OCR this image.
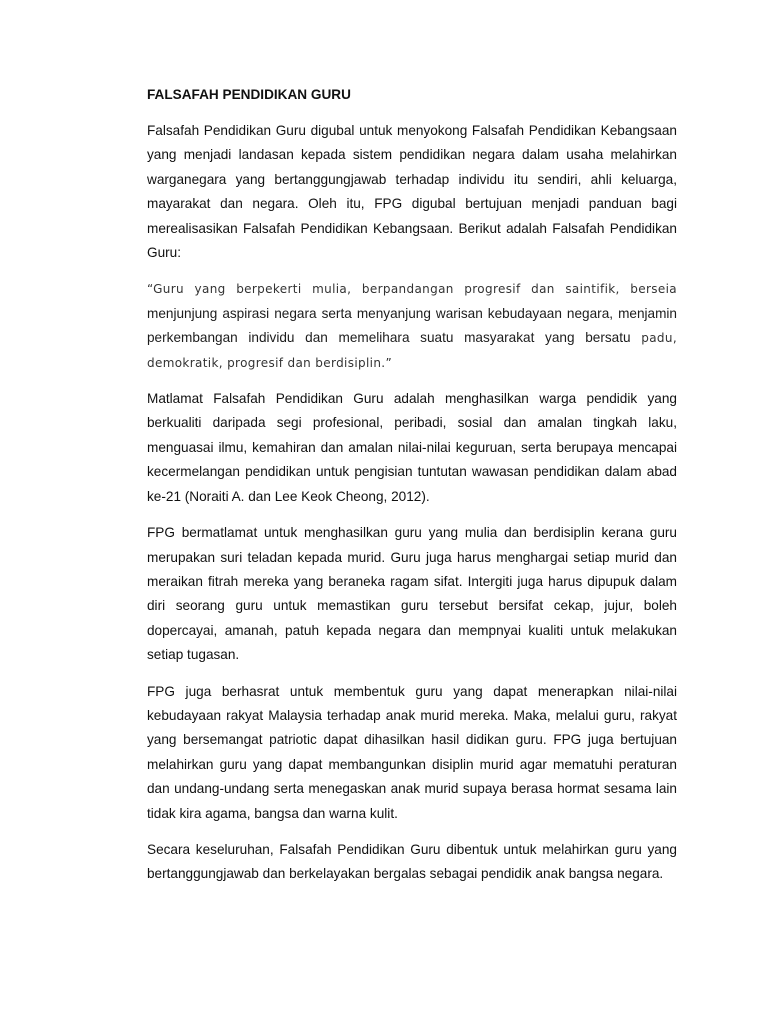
FALSAFAH PENDIDIKAN GURU

Falsafah Pendidikan Guru digubal untuk menyokong Falsafah Pendidikan Kebangsaan yang menjadi landasan kepada sistem pendidikan negara dalam usaha melahirkan warganegara yang bertanggungjawab terhadap individu itu sendiri, ahli keluarga, mayarakat dan negara. Oleh itu, FPG digubal bertujuan menjadi panduan bagi merealisasikan Falsafah Pendidikan Kebangsaan. Berikut adalah Falsafah Pendidikan Guru:

“Guru yang berpekerti mulia, berpandangan progresif dan saintifik, berseia menjunjung aspirasi negara serta menyanjung warisan kebudayaan negara, menjamin perkembangan individu dan memelihara suatu masyarakat yang bersatu padu, demokratik, progresif dan berdisiplin.”

Matlamat Falsafah Pendidikan Guru adalah menghasilkan warga pendidik yang berkualiti daripada segi profesional, peribadi, sosial dan amalan tingkah laku, menguasai ilmu, kemahiran dan amalan nilai-nilai keguruan, serta berupaya mencapai kecermelangan pendidikan untuk pengisian tuntutan wawasan pendidikan dalam abad ke-21 (Noraiti A. dan Lee Keok Cheong, 2012).

FPG bermatlamat untuk menghasilkan guru yang mulia dan berdisiplin kerana guru merupakan suri teladan kepada murid. Guru juga harus menghargai setiap murid dan meraikan fitrah mereka yang beraneka ragam sifat. Intergiti juga harus dipupuk dalam diri seorang guru untuk memastikan guru tersebut bersifat cekap, jujur, boleh dopercayai, amanah, patuh kepada negara dan mempnyai kualiti untuk melakukan setiap tugasan.

FPG juga berhasrat untuk membentuk guru yang dapat menerapkan nilai-nilai kebudayaan rakyat Malaysia terhadap anak murid mereka. Maka, melalui guru, rakyat yang bersemangat patriotic dapat dihasilkan hasil didikan guru. FPG juga bertujuan melahirkan guru yang dapat membangunkan disiplin murid agar mematuhi peraturan dan undang-undang serta menegaskan anak murid supaya berasa hormat sesama lain tidak kira agama, bangsa dan warna kulit.

Secara keseluruhan, Falsafah Pendidikan Guru dibentuk untuk melahirkan guru yang bertanggungjawab dan berkelayakan bergalas sebagai pendidik anak bangsa negara.
